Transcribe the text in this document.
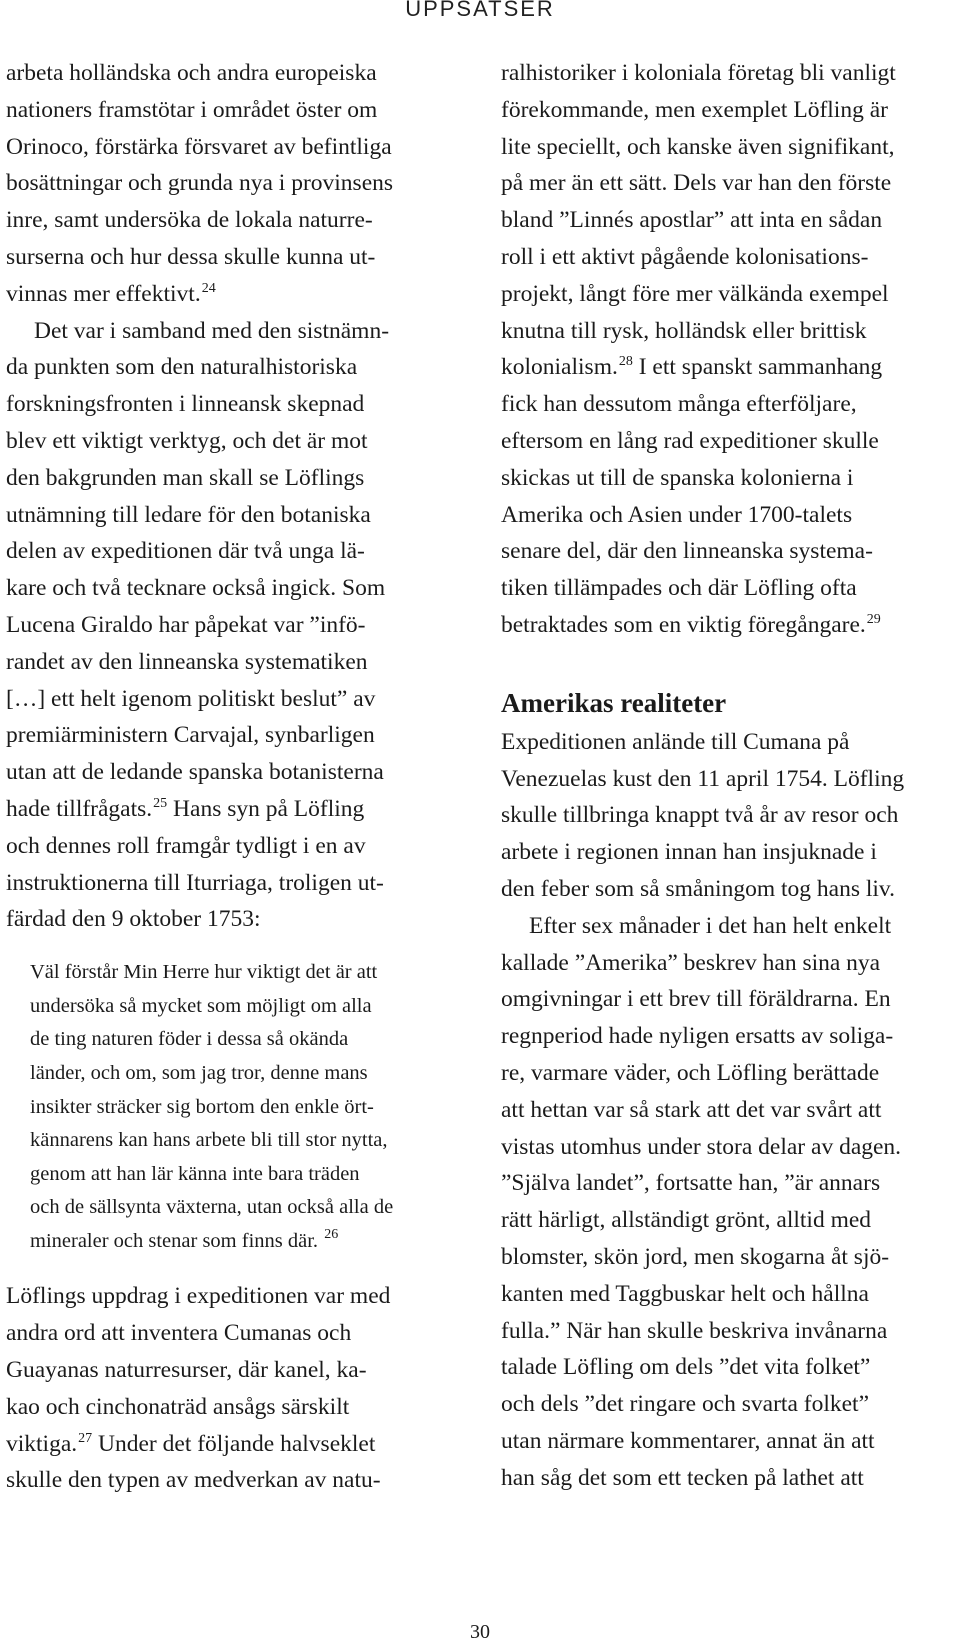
UPPSATSER
arbeta holländska och andra europeiska
nationers framstötar i området öster om
Orinoco, förstärka försvaret av befintliga
bosättningar och grunda nya i provinsens
inre, samt undersöka de lokala naturre-
surserna och hur dessa skulle kunna ut-
vinnas mer effektivt.$^{24}$
Det var i samband med den sistnämn-
da punkten som den naturalhistoriska
forskningsfronten i linneansk skepnad
blev ett viktigt verktyg, och det är mot
den bakgrunden man skall se Löflings
utnämning till ledare för den botaniska
delen av expeditionen där två unga lä-
kare och två tecknare också ingick. Som
Lucena Giraldo har påpekat var ”infö-
randet av den linneanska systematiken
[…] ett helt igenom politiskt beslut” av
premiärministern Carvajal, synbarligen
utan att de ledande spanska botanisterna
hade tillfrågats.$^{25}$ Hans syn på Löfling
och dennes roll framgår tydligt i en av
instruktionerna till Iturriaga, troligen ut-
färdad den 9 oktober 1753:
Väl förstår Min Herre hur viktigt det är att
undersöka så mycket som möjligt om alla
de ting naturen föder i dessa så okända
länder, och om, som jag tror, denne mans
insikter sträcker sig bortom den enkle ört-
kännarens kan hans arbete bli till stor nytta,
genom att han lär känna inte bara träden
och de sällsynta växterna, utan också alla de
mineraler och stenar som finns där. $^{26}$
Löflings uppdrag i expeditionen var med
andra ord att inventera Cumanas och
Guayanas naturresurser, där kanel, ka-
kao och cinchonaträd ansågs särskilt
viktiga.$^{27}$ Under det följande halvseklet
skulle den typen av medverkan av natu-
ralhistoriker i koloniala företag bli vanligt
förekommande, men exemplet Löfling är
lite speciellt, och kanske även signifikant,
på mer än ett sätt. Dels var han den förste
bland ”Linnés apostlar” att inta en sådan
roll i ett aktivt pågående kolonisations-
projekt, långt före mer välkända exempel
knutna till rysk, holländsk eller brittisk
kolonialism.$^{28}$ I ett spanskt sammanhang
fick han dessutom många efterföljare,
eftersom en lång rad expeditioner skulle
skickas ut till de spanska kolonierna i
Amerika och Asien under 1700-talets
senare del, där den linneanska systema-
tiken tillämpades och där Löfling ofta
betraktades som en viktig föregångare.$^{29}$
Amerikas realiteter
Expeditionen anlände till Cumana på
Venezuelas kust den 11 april 1754. Löfling
skulle tillbringa knappt två år av resor och
arbete i regionen innan han insjuknade i
den feber som så småningom tog hans liv.
Efter sex månader i det han helt enkelt
kallade ”Amerika” beskrev han sina nya
omgivningar i ett brev till föräldrarna. En
regnperiod hade nyligen ersatts av soliga-
re, varmare väder, och Löfling berättade
att hettan var så stark att det var svårt att
vistas utomhus under stora delar av dagen.
”Själva landet”, fortsatte han, ”är annars
rätt härligt, allständigt grönt, alltid med
blomster, skön jord, men skogarna åt sjö-
kanten med Taggbuskar helt och hållna
fulla.” När han skulle beskriva invånarna
talade Löfling om dels ”det vita folket”
och dels ”det ringare och svarta folket”
utan närmare kommentarer, annat än att
han såg det som ett tecken på lathet att
30
